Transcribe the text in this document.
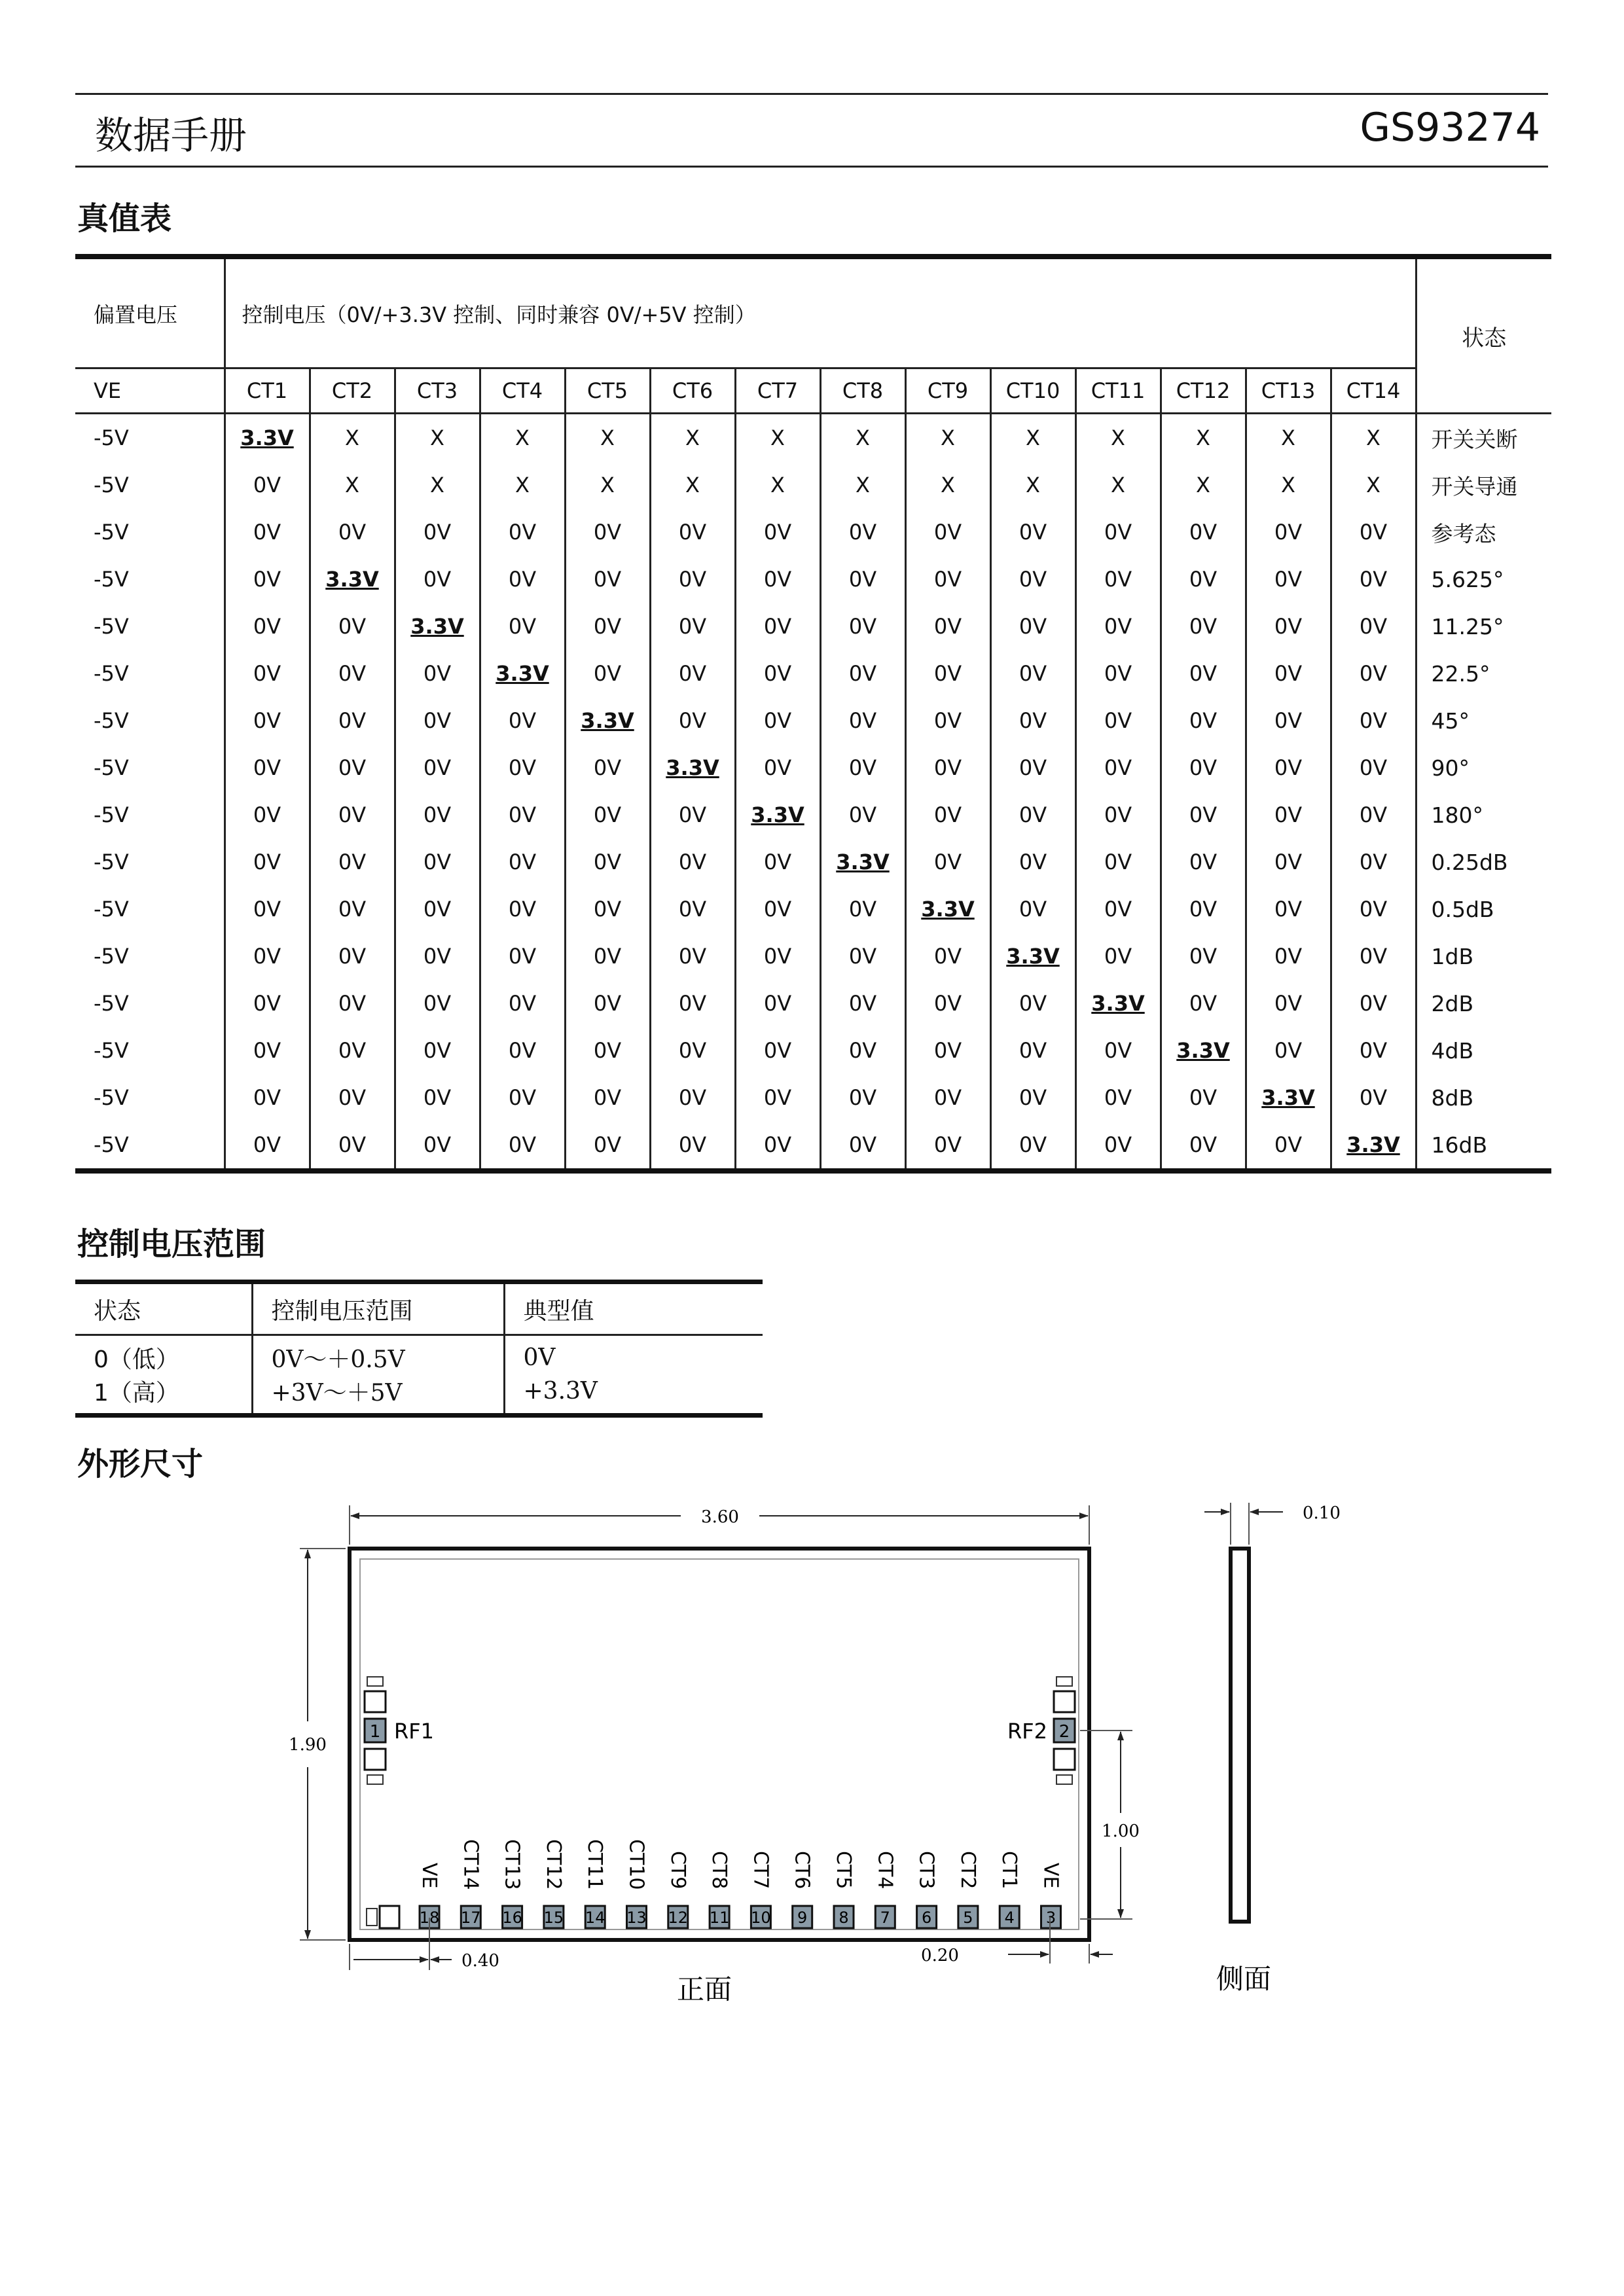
数据手册	GS93274
真值表
偏置电压	控制电压（0V/+3.3V 控制、同时兼容 0V/+5V 控制）														状态
VE	CT1	CT2	CT3	CT4	CT5	CT6	CT7	CT8	CT9	CT10	CT11	CT12	CT13	CT14	
-5V	3.3V	X	X	X	X	X	X	X	X	X	X	X	X	X	开关关断
-5V	0V	X	X	X	X	X	X	X	X	X	X	X	X	X	开关导通
-5V	0V	0V	0V	0V	0V	0V	0V	0V	0V	0V	0V	0V	0V	0V	参考态
-5V	0V	3.3V	0V	0V	0V	0V	0V	0V	0V	0V	0V	0V	0V	0V	5.625°
-5V	0V	0V	3.3V	0V	0V	0V	0V	0V	0V	0V	0V	0V	0V	0V	11.25°
-5V	0V	0V	0V	3.3V	0V	0V	0V	0V	0V	0V	0V	0V	0V	0V	22.5°
-5V	0V	0V	0V	0V	3.3V	0V	0V	0V	0V	0V	0V	0V	0V	0V	45°
-5V	0V	0V	0V	0V	0V	3.3V	0V	0V	0V	0V	0V	0V	0V	0V	90°
-5V	0V	0V	0V	0V	0V	0V	3.3V	0V	0V	0V	0V	0V	0V	0V	180°
-5V	0V	0V	0V	0V	0V	0V	0V	3.3V	0V	0V	0V	0V	0V	0V	0.25dB
-5V	0V	0V	0V	0V	0V	0V	0V	0V	3.3V	0V	0V	0V	0V	0V	0.5dB
-5V	0V	0V	0V	0V	0V	0V	0V	0V	0V	3.3V	0V	0V	0V	0V	1dB
-5V	0V	0V	0V	0V	0V	0V	0V	0V	0V	0V	3.3V	0V	0V	0V	2dB
-5V	0V	0V	0V	0V	0V	0V	0V	0V	0V	0V	0V	3.3V	0V	0V	4dB
-5V	0V	0V	0V	0V	0V	0V	0V	0V	0V	0V	0V	0V	3.3V	0V	8dB
-5V	0V	0V	0V	0V	0V	0V	0V	0V	0V	0V	0V	0V	0V	3.3V	16dB
控制电压范围
状态	控制电压范围	典型值
0（低）	0V～＋0.5V	0V
1（高）	+3V～＋5V	+3.3V
外形尺寸
3.60
1.90
1 RF1	2
RF2
1.00
18
VE
17
CT14
16
CT13
15
CT12
14
CT11
13
CT10
12
CT9
11
CT8
10
CT7
9
CT6
8
CT5
7
CT4
6
CT3
5
CT2
4
CT1
3
VE
0.40	0.20
正面
0.10
侧面
